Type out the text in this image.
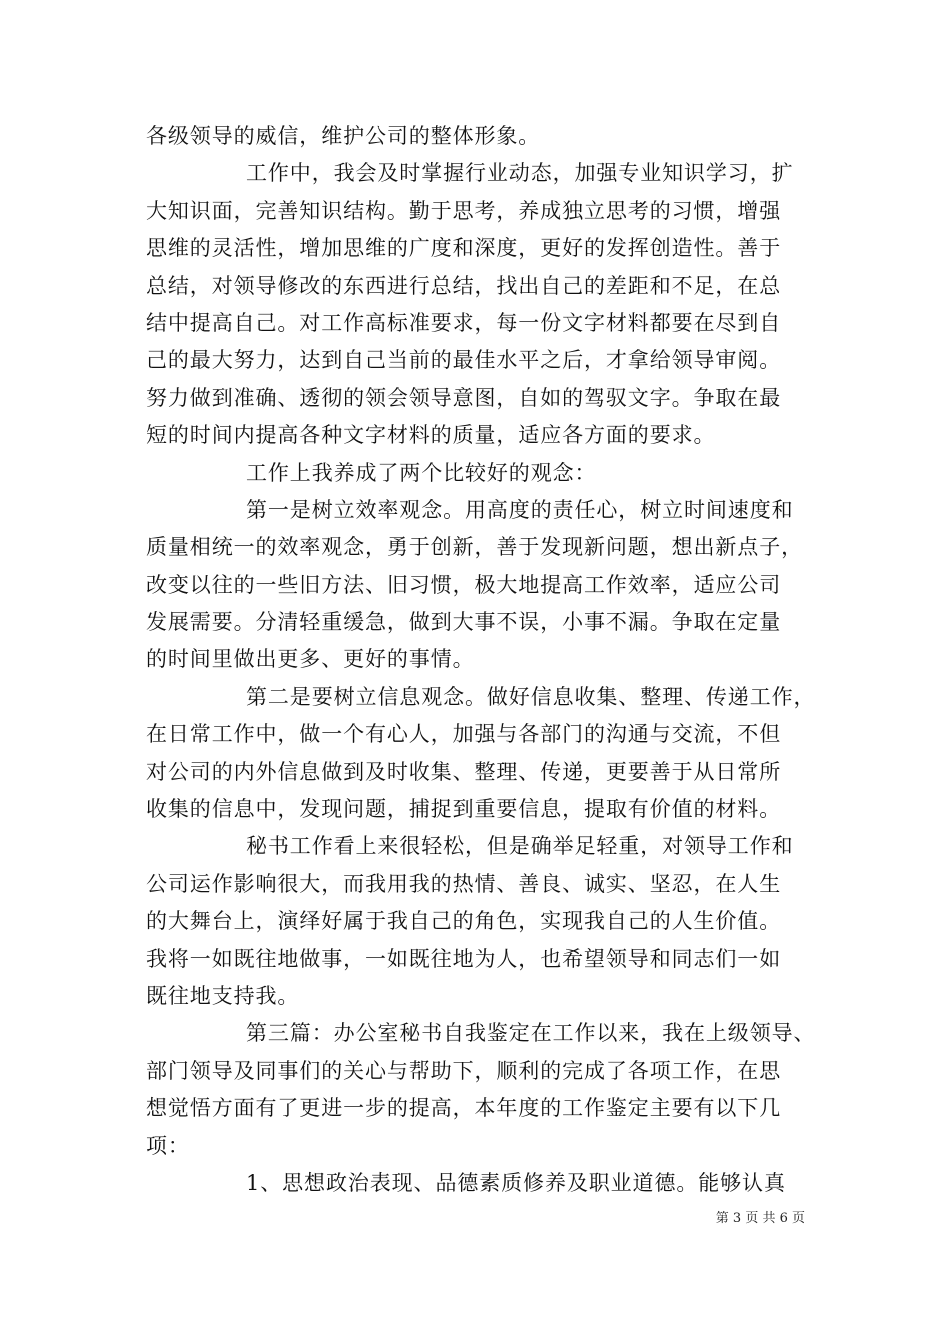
各级领导的威信，维护公司的整体形象。
工作中，我会及时掌握行业动态，加强专业知识学习，扩
大知识面，完善知识结构。勤于思考，养成独立思考的习惯，增强
思维的灵活性，增加思维的广度和深度，更好的发挥创造性。善于
总结，对领导修改的东西进行总结，找出自己的差距和不足，在总
结中提高自己。对工作高标准要求，每一份文字材料都要在尽到自
己的最大努力，达到自己当前的最佳水平之后，才拿给领导审阅。
努力做到准确、透彻的领会领导意图，自如的驾驭文字。争取在最
短的时间内提高各种文字材料的质量，适应各方面的要求。
工作上我养成了两个比较好的观念：
第一是树立效率观念。用高度的责任心，树立时间速度和
质量相统一的效率观念，勇于创新，善于发现新问题，想出新点子，
改变以往的一些旧方法、旧习惯，极大地提高工作效率，适应公司
发展需要。分清轻重缓急，做到大事不误，小事不漏。争取在定量
的时间里做出更多、更好的事情。
第二是要树立信息观念。做好信息收集、整理、传递工作，
在日常工作中，做一个有心人，加强与各部门的沟通与交流，不但
对公司的内外信息做到及时收集、整理、传递，更要善于从日常所
收集的信息中，发现问题，捕捉到重要信息，提取有价值的材料。
秘书工作看上来很轻松，但是确举足轻重，对领导工作和
公司运作影响很大，而我用我的热情、善良、诚实、坚忍，在人生
的大舞台上，演绎好属于我自己的角色，实现我自己的人生价值。
我将一如既往地做事，一如既往地为人，也希望领导和同志们一如
既往地支持我。
第三篇：办公室秘书自我鉴定在工作以来，我在上级领导、
部门领导及同事们的关心与帮助下，顺利的完成了各项工作，在思
想觉悟方面有了更进一步的提高，本年度的工作鉴定主要有以下几
项：
1、思想政治表现、品德素质修养及职业道德。能够认真
第 3 页 共 6 页
